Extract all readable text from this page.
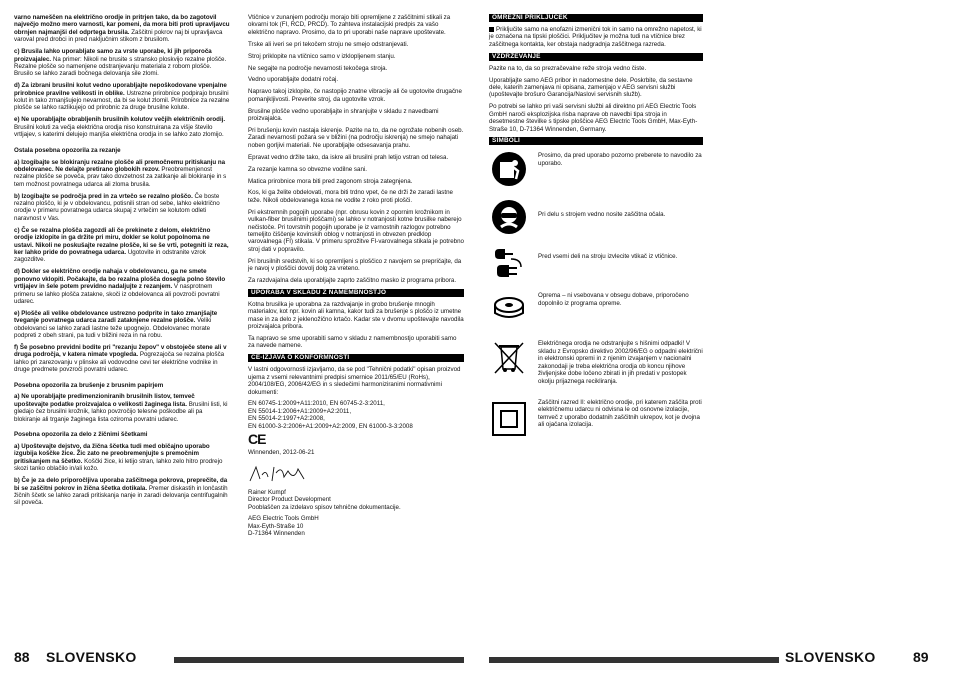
varno nameščen na električno orodje in pritrjen tako, da bo zagotovil največjo možno mero varnosti, kar pomeni, da mora biti proti upravljavcu obrnjen najmanjši del odprtega brusila. Zaščitni pokrov naj bi upravljavca varoval pred drobci in pred naključnim stikom z brusilom.

c) Brusila lahko uporabljate samo za vrste uporabe, ki jih priporoča proizvajalec. Na primer: Nikoli ne brusite s stransko ploskvijo rezalne plošče. Rezalne plošče so namenjene odstranjevanju materiala z robom plošče. Brusilo se lahko zaradi bočnega delovanja sile zlomi.

d) Za izbrani brusilni kolut vedno uporabljajte nepoškodovane vpenjalne prirobnice pravilne velikosti in oblike. Ustrezne prirobnice podpirajo brusilni kolut in tako zmanjšujejo nevarnost, da bi se kolut zlomil. Prirobnice za rezalne plošče se lahko razlikujejo od prirobnic za druge brusilne kolute.

e) Ne uporabljajte obrabljenih brusilnih kolutov večjih električnih orodij. Brusilni koluti za večja električna orodja niso konstruirana za višje število vrtljajev, s katerimi delujejo manjša električna orodja in se lahko zato zlomijo.

Ostala posebna opozorila za rezanje

a) Izogibajte se blokiranju rezalne plošče ali premočnemu pritiskanju na obdelovanec. Ne delajte pretirano globokih rezov. Preobremenjenost rezalne plošče se poveča, prav tako dovzetnost za zatikanje ali blokiranje in s tem možnost povratnega udarca ali zloma brusila.

b) Izogibajte se področja pred in za vrtečo se rezalno ploščo. Če boste rezalno ploščo, ki je v obdelovancu, potisnili stran od sebe, lahko električno orodje v primeru povratnega udarca skupaj z vrtečim se kolutom odleti naravnost v Vas.

c) Če se rezalna plošča zagozdi ali če prekinete z delom, električno orodje izklopite in ga držite pri miru, dokler se kolut popolnoma ne ustavi. Nikoli ne poskušajte rezalne plošče, ki se še vrti, potegniti iz reza, ker lahko pride do povratnega udarca. Ugotovite in odstranite vzrok zagozditve.

d) Dokler se električno orodje nahaja v obdelovancu, ga ne smete ponovno vklopiti. Počakajte, da bo rezalna plošča dosegla polno število vrtljajev in šele potem previdno nadaljujte z rezanjem. V nasprotnem primeru se lahko plošča zatakne, skoči iz obdelovanca ali povzroči povratni udarec.

e) Plošče ali velike obdelovance ustrezno podprite in tako zmanjšajte tveganje povratnega udarca zaradi zataknjene rezalne plošče. Veliki obdelovanci se lahko zaradi lastne teže upognejo. Obdelovanec morate podpreti z obeh strani, pa tudi v bližini reza in na robu.

f) Še posebno previdni bodite pri "rezanju žepov" v obstoječe stene ali v druga področja, v katera nimate vpogleda. Pogrezajoča se rezalna plošča lahko pri zarezovanju v plinske ali vodovodne cevi ter električne vodnike in druge predmete povzroči povratni udarec.

Posebna opozorila za brušenje z brusnim papirjem

a) Ne uporabljajte predimenzioniranih brusilnih listov, temveč upoštevajte podatke proizvajalca o velikosti žaginega lista. Brusilni listi, ki gledajo čez brusilni krožnik, lahko povzročijo telesne poškodbe ali pa blokiranje ali trganje žaginega lista oziroma povratni udarec.

Posebna opozorila za delo z žičnimi ščetkami

a) Upoštevajte dejstvo, da žična ščetka tudi med običajno uporabo izgubija koščke žice. Žic zato ne preobremenjujte s premočnim pritiskanjem na ščetko. Koščki žice, ki letijo stran, lahko zelo hitro prodrejo skozi tanko oblačilo in/ali kožo.

b) Če je za delo priporočljiva uporaba zaščitnega pokrova, preprečite, da bi se zaščitni pokrov in žična ščetka dotikala. Premer diskastih in lončastih žičnih ščetk se lahko zaradi pritiskanja nanje in zaradi delovanja centrifugalnih sil poveča.

Vtičnice v zunanjem področju morajo biti opremljene z zaščitnimi stikali za okvarni tok (FI, RCD, PRCD). To zahteva instalacijski predpis za vašo električno napravo. Prosimo, da to pri uporabi naše naprave upoštevate.

Trske ali iveri se pri tekočem stroju ne smejo odstranjevati.

Stroj priklopite na vtičnico samo v izklopljenem stanju.

Ne segajte na področje nevarnosti tekočega stroja.

Vedno uporabljajte dodatni ročaj.

Napravo takoj izklopite, če nastopijo znatne vibracije ali če ugotovite drugačne pomanjkljivosti. Preverite stroj, da ugotovite vzrok.

Brusilne plošče vedno uporabljajte in shranjujte v skladu z navedbami proizvajalca.

Pri brušenju kovin nastaja iskrenje. Pazite na to, da ne ogrožate nobenih oseb. Zaradi nevarnosti požara se v bližini (na področju iskrenja) ne smejo nahajati noben gorljivi materiali. Ne uporabljajte odsesavanja prahu.

Epravat vedno držite tako, da iskre ali brusilni prah letijo vstran od telesa.

Za rezanje kamna so obvezne vodilne sani.

Matica prirobnice mora biti pred zagonom stroja zategnjena.

Kos, ki ga želite obdelovati, mora biti trdno vpet, če ne drži že zaradi lastne teže. Nikoli obdelovanega kosa ne vodite z roko proti plošči.

Pri ekstremnih pogojih uporabe (npr. obrusu kovin z opornim krožnikom in vulkan-fiber brusilnimi ploščami) se lahko v notranjosti kotne brusilke naberejo nečistoče. Pri tovrstnih pogojih uporabe je iz varnostnih razlogov potrebno temeljito čiščenje kovinskih oblog v notranjosti in obvezen predklop varovalnega (FI) stikala. V primeru sprožitve FI-varovalnega stikala je potrebno stroj dati v popravilo.

Pri brusilnih sredstvih, ki so opremljeni s ploščico z navojem se prepričajte, da je navoj v ploščici dovolj dolg za vreteno.

Za razdvajalna dela uporabljajte zaprto zaščitno masko iz programa pribora.

UPORABA V SKLADU Z NAMEMBNOSTJO

Kotna brusilka je uporabna za razdvajanje in grobo brušenje mnogih materialov, kot npr. kovin ali kamna, kakor tudi za brušenje s ploščo iz umetne mase in za delo z jeklenožično krtačo. Kadar ste v dvomu upoštevajte navodila proizvajalca pribora.

Ta napravo se sme uporabiti samo v skladu z namembnostjo uporabiti samo za navede namene.

CE-IZJAVA O KONFORMNOSTI

V lastni odgovornosti izjavljamo, da se pod "Tehnični podatki" opisan proizvod ujema z vsemi relevantnimi predpisi smernice 2011/65/EU (RoHs), 2004/108/EG, 2006/42/EG in s sledečimi harmoniziranimi normativnimi dokumenti:

EN 60745-1:2009+A11:2010, EN 60745-2-3:2011,
EN 55014-1:2006+A1:2009+A2:2011,
EN 55014-2:1997+A2:2008,
EN 61000-3-2:2006+A1:2009+A2:2009, EN 61000-3-3:2008
CE
Winnenden, 2012-06-21
Rainer Kumpf
Director Product Development
Pooblaščen za izdelavo spisov tehnične dokumentacije.
AEG Electric Tools GmbH
Max-Eyth-Straße 10
D-71364 Winnenden
OMREŽNI PRIKLJUČEK

Priključite samo na enofazni izmenični tok in samo na omrežno napetost, ki je označena na tipski ploščici. Priključitev je možna tudi na vtičnice brez zaščitnega kontakta, ker obstaja nadgradnja zaščitnega razreda.

VZDRŽEVANJE

Pazite na to, da so prezračevalne reže stroja vedno čiste.

Uporabljajte samo AEG pribor in nadomestne dele. Poskrbite, da sestavne dele, katerih zamenjava ni opisana, zamenjajo v AEG servisni službi (upoštevajte brošuro Garancija/Naslovi servisnih služb).

Po potrebi se lahko pri vaši servisni službi ali direktno pri AEG Electric Tools GmbH naroči eksplozijska risba naprave ob navedbi tipa stroja in desetmestne številke s tipske ploščice AEG Electric Tools GmbH, Max-Eyth-Straße 10, D-71364 Winnenden, Germany.

SIMBOLI
Prosimo, da pred uporabo pozorno preberete to navodilo za uporabo.
Pri delu s strojem vedno nosite zaščitna očala.
Pred vsemi deli na stroju izvlecite vtikač iz vtičnice.
Oprema – ni vsebovana v obsegu dobave, priporočeno dopolnilo iz programa opreme.
Električnega orodja ne odstranjujte s hišnimi odpadki! V skladu z Evropsko direktivo 2002/96/EG o odpadni električni in elektronski opremi in z njenim izvajanjem v nacionalni zakonodaji je treba električna orodja ob koncu njihove življenjske dobe ločeno zbirati in jih predati v postopek okolju prijaznega recikliranja.
Zaščitni razred II: električno orodje, pri katerem zaščita proti električnemu udarcu ni odvisna le od osnovne izolacije, temveč z uporabo dodatnih zaščitnih ukrepov, kot je dvojna ali ojačana izolacija.
88 SLOVENSKO	SLOVENSKO	89
